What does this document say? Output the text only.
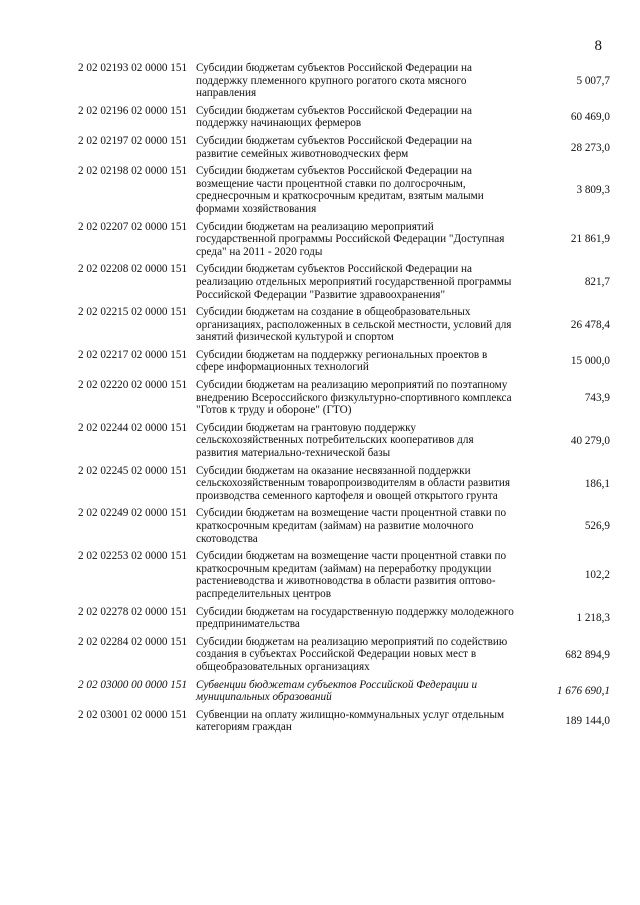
8
2 02 02193 02 0000 151 Субсидии бюджетам субъектов Российской Федерации на поддержку племенного крупного рогатого скота мясного направления
5 007,7
2 02 02196 02 0000 151 Субсидии бюджетам субъектов Российской Федерации на поддержку начинающих фермеров	60 469,0
2 02 02197 02 0000 151 Субсидии бюджетам субъектов Российской Федерации на развитие семейных животноводческих ферм	28 273,0
2 02 02198 02 0000 151 Субсидии бюджетам субъектов Российской Федерации на возмещение части процентной ставки по долгосрочным, среднесрочным и краткосрочным кредитам, взятым малыми формами хозяйствования
3 809,3
2 02 02207 02 0000 151 Субсидии бюджетам на реализацию мероприятий государственной программы Российской Федерации "Доступная среда" на 2011 - 2020 годы
21 861,9
2 02 02208 02 0000 151 Субсидии бюджетам субъектов Российской Федерации на реализацию отдельных мероприятий государственной программы Российской Федерации "Развитие здравоохранения"
821,7
2 02 02215 02 0000 151 Субсидии бюджетам на создание в общеобразовательных организациях, расположенных в сельской местности, условий для занятий физической культурой и спортом
26 478,4
2 02 02217 02 0000 151 Субсидии бюджетам на поддержку региональных проектов в сфере информационных технологий	15 000,0
2 02 02220 02 0000 151 Субсидии бюджетам на реализацию мероприятий по поэтапному внедрению Всероссийского физкультурно-спортивного комплекса "Готов к труду и обороне" (ГТО)
743,9
2 02 02244 02 0000 151 Субсидии бюджетам на грантовую поддержку сельскохозяйственных потребительских кооперативов для развития материально-технической базы
40 279,0
2 02 02245 02 0000 151 Субсидии бюджетам на оказание несвязанной поддержки сельскохозяйственным товаропроизводителям в области развития производства семенного картофеля и овощей открытого грунта
186,1
2 02 02249 02 0000 151 Субсидии бюджетам на возмещение части процентной ставки по краткосрочным кредитам (займам) на развитие молочного скотоводства
526,9
2 02 02253 02 0000 151 Субсидии бюджетам на возмещение части процентной ставки по краткосрочным кредитам (займам) на переработку продукции растениеводства и животноводства в области развития оптово-распределительных центров
102,2
2 02 02278 02 0000 151 Субсидии бюджетам на государственную поддержку молодежного предпринимательства	1 218,3
2 02 02284 02 0000 151 Субсидии бюджетам на реализацию мероприятий по содействию создания в субъектах Российской Федерации новых мест в общеобразовательных организациях
682 894,9
2 02 03000 00 0000 151 Субвенции бюджетам субъектов Российской Федерации и муниципальных образований	1 676 690,1
2 02 03001 02 0000 151 Субвенции на оплату жилищно-коммунальных услуг отдельным категориям граждан	189 144,0
